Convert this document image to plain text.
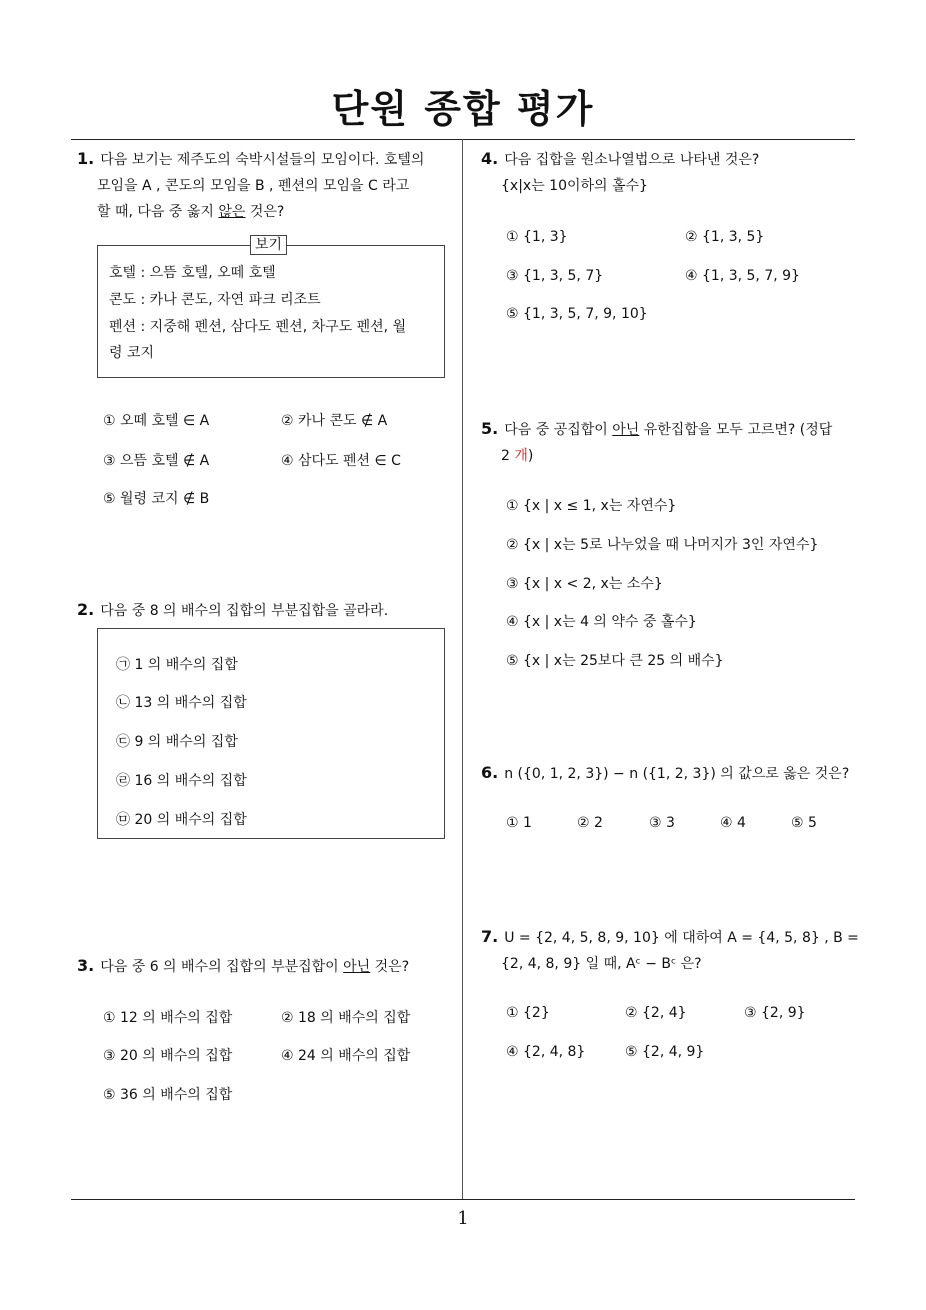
단원 종합 평가
1
1. 다음 보기는 제주도의 숙박시설들의 모임이다. 호텔의
모임을 A , 콘도의 모임을 B , 펜션의 모임을 C 라고
할 때, 다음 중 옳지 않은 것은?
보기
호텔 : 으뜸 호텔, 오떼 호텔
콘도 : 카나 콘도, 자연 파크 리조트
펜션 : 지중해 펜션, 삼다도 펜션, 차구도 펜션, 월
령 코지
① 오떼 호텔 ∈ A	② 카나 콘도 ∉ A
③ 으뜸 호텔 ∉ A	④ 삼다도 펜션 ∈ C
⑤ 월령 코지 ∉ B
2. 다음 중 8 의 배수의 집합의 부분집합을 골라라.
㉠ 1 의 배수의 집합
㉡ 13 의 배수의 집합
㉢ 9 의 배수의 집합
㉣ 16 의 배수의 집합
㉤ 20 의 배수의 집합
3. 다음 중 6 의 배수의 집합의 부분집합이 아닌 것은?
① 12 의 배수의 집합	② 18 의 배수의 집합
③ 20 의 배수의 집합	④ 24 의 배수의 집합
⑤ 36 의 배수의 집합
4. 다음 집합을 원소나열법으로 나타낸 것은?
{x|x는 10이하의 홀수}
① {1, 3}	② {1, 3, 5}
③ {1, 3, 5, 7}	④ {1, 3, 5, 7, 9}
⑤ {1, 3, 5, 7, 9, 10}
5. 다음 중 공집합이 아닌 유한집합을 모두 고르면? (정답
2 개)
① {x | x ≤ 1, x는 자연수}
② {x | x는 5로 나누었을 때 나머지가 3인 자연수}
③ {x | x < 2, x는 소수}
④ {x | x는 4 의 약수 중 홀수}
⑤ {x | x는 25보다 큰 25 의 배수}
6. n ({0, 1, 2, 3}) − n ({1, 2, 3}) 의 값으로 옳은 것은?
① 1	② 2	③ 3	④ 4	⑤ 5
7. U = {2, 4, 5, 8, 9, 10} 에 대하여 A = {4, 5, 8} , B =
{2, 4, 8, 9} 일 때, Aᶜ − Bᶜ 은?
① {2}	② {2, 4}	③ {2, 9}
④ {2, 4, 8}	⑤ {2, 4, 9}
